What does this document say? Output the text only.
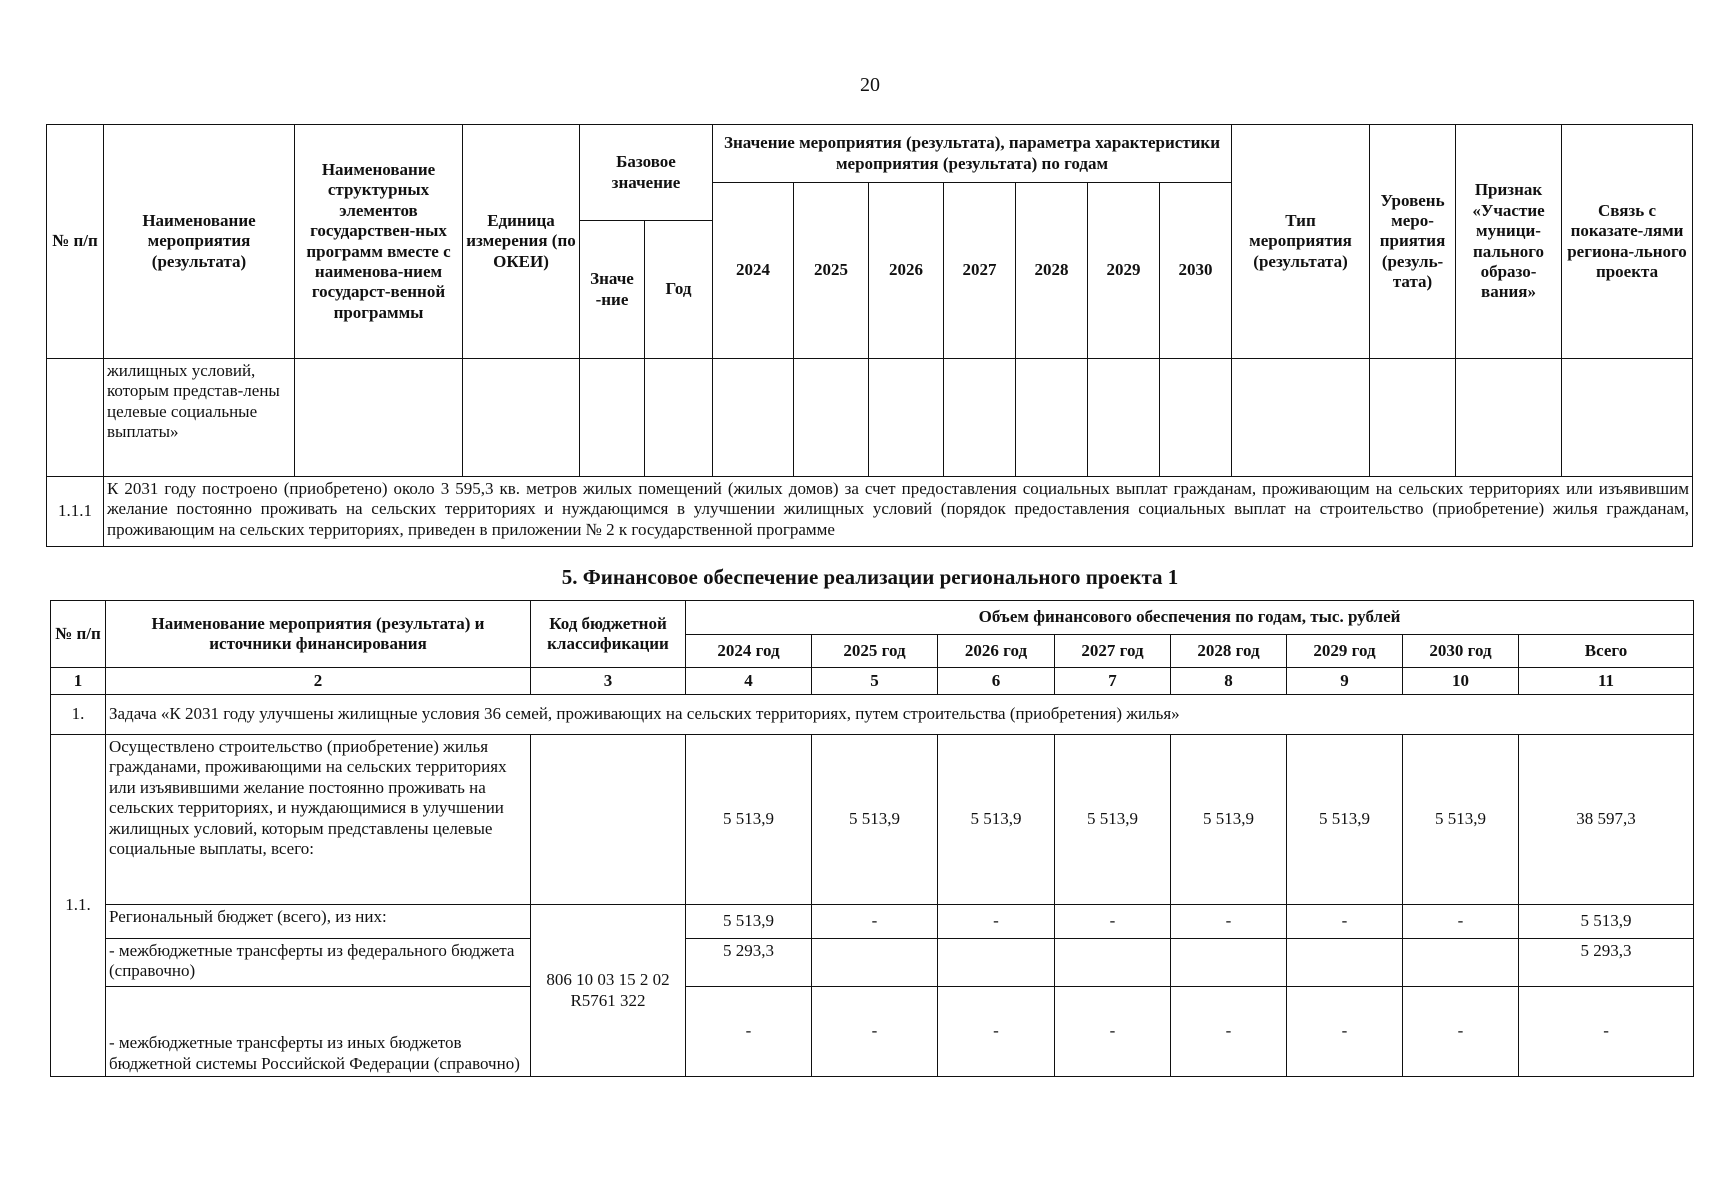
20
№ п/п	Наименование мероприятия (результата)	Наименование структурных элементов государствен-ных программ вместе с наименова-нием государст-венной программы	Единица измерения (по ОКЕИ)	Базовое значение		Значение мероприятия (результата), параметра характеристики мероприятия (результата) по годам							Тип мероприятия (результата)	Уровень меро-приятия (резуль-тата)	Признак «Участие муници-пального образо-вания»	Связь с показате-лями региона-льного проекта
						2024	2025	2026	2027	2028	2029	2030				
				Значе -ние	Год											
	жилищных условий, которым представ-лены целевые социальные выплаты»															
1.1.1	К 2031 году построено (приобретено) около 3 595,3 кв. метров жилых помещений (жилых домов) за счет предоставления социальных выплат гражданам, проживающим на сельских территориях или изъявившим желание постоянно проживать на сельских территориях и нуждающимся в улучшении жилищных условий (порядок предоставления социальных выплат на строительство (приобретение) жилья гражданам, проживающим на сельских территориях, приведен в приложении № 2 к государственной программе															
5. Финансовое обеспечение реализации регионального проекта 1
№ п/п	Наименование мероприятия (результата) и источники финансирования	Код бюджетной классификации	Объем финансового обеспечения по годам, тыс. рублей							
			2024 год	2025 год	2026 год	2027 год	2028 год	2029 год	2030 год	Всего
1	2	3	4	5	6	7	8	9	10	11
1.	Задача «К 2031 году улучшены жилищные условия 36 семей, проживающих на сельских территориях, путем строительства (приобретения) жилья»									
1.1.	Осуществлено строительство (приобретение) жилья гражданами, проживающими на сельских территориях или изъявившими желание постоянно проживать на сельских территориях, и нуждающимися в улучшении жилищных условий, которым представлены целевые социальные выплаты, всего:		5 513,9	5 513,9	5 513,9	5 513,9	5 513,9	5 513,9	5 513,9	38 597,3
	Региональный бюджет (всего), из них:	806 10 03 15 2 02 R5761 322	5 513,9	-	-	-	-	-	-	5 513,9
	- межбюджетные трансферты из федерального бюджета (справочно)		5 293,3							5 293,3
	- межбюджетные трансферты из иных бюджетов бюджетной системы Российской Федерации (справочно)		-	-	-	-	-	-	-	-
